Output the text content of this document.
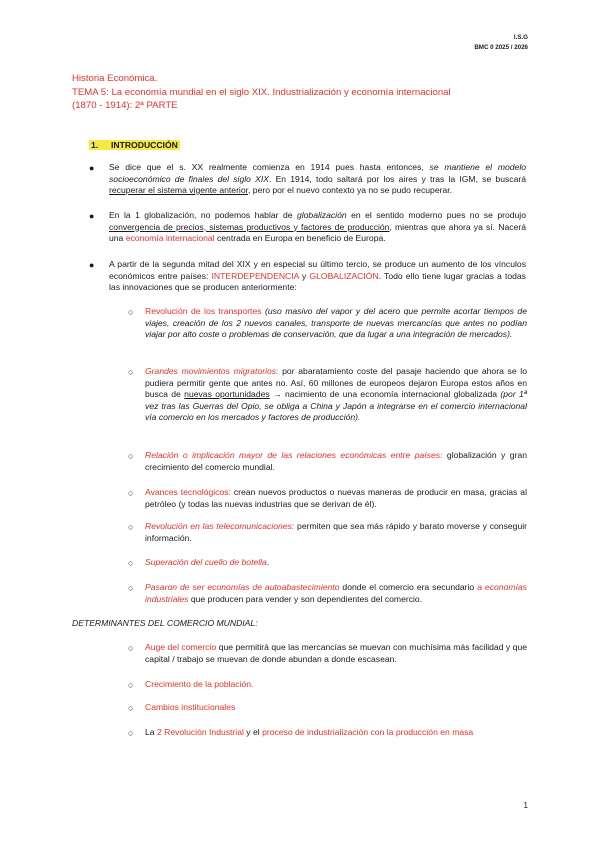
I.S.G
BMC 0 2025 / 2026
Historia Económica.
TEMA 5: La economía mundial en el siglo XIX. Industrialización y economía internacional
(1870 - 1914): 2ª PARTE
1. INTRODUCCIÓN
● Se dice que el s. XX realmente comienza en 1914 pues hasta entonces, se mantiene el modelo socioeconómico de finales del siglo XIX. En 1914, todo saltará por los aires y tras la IGM, se buscará recuperar el sistema vigente anterior, pero por el nuevo contexto ya no se pudo recuperar.
● En la 1 globalización, no podemos hablar de globalización en el sentido moderno pues no se produjo convergencia de precios, sistemas productivos y factores de producción, mientras que ahora ya sí. Nacerá una economía internacional centrada en Europa en beneficio de Europa.
● A partir de la segunda mitad del XIX y en especial su último tercio, se produce un aumento de los vínculos económicos entre países: INTERDEPENDENCIA y GLOBALIZACIÓN. Todo ello tiene lugar gracias a todas las innovaciones que se producen anteriormente:
○ Revolución de los transportes (uso masivo del vapor y del acero que permite acortar tiempos de viajes, creación de los 2 nuevos canales, transporte de nuevas mercancías que antes no podían viajar por alto coste o problemas de conservación, que da lugar a una integración de mercados).
○ Grandes movimientos migratorios: por abaratamiento coste del pasaje haciendo que ahora se lo pudiera permitir gente que antes no. Así, 60 millones de europeos dejaron Europa estos años en busca de nuevas oportunidades → nacimiento de una economía internacional globalizada (por 1ª vez tras las Guerras del Opio, se obliga a China y Japón a integrarse en el comercio internacional vía comercio en los mercados y factores de producción).
○ Relación o implicación mayor de las relaciones económicas entre países: globalización y gran crecimiento del comercio mundial.
○ Avances tecnológicos: crean nuevos productos o nuevas maneras de producir en masa, gracias al petróleo (y todas las nuevas industrias que se derivan de él).
○ Revolución en las telecomunicaciones: permiten que sea más rápido y barato moverse y conseguir información.
○ Superación del cuello de botella.
○ Pasaron de ser economías de autoabastecimiento donde el comercio era secundario a economías industriales que producen para vender y son dependientes del comercio.
DETERMINANTES DEL COMERCIO MUNDIAL:
○ Auge del comercio que permitirá que las mercancías se muevan con muchísima más facilidad y que capital / trabajo se muevan de donde abundan a donde escasean.
○ Crecimiento de la población.
○ Cambios institucionales
○ La 2 Revolución Industrial y el proceso de industrialización con la producción en masa
1
